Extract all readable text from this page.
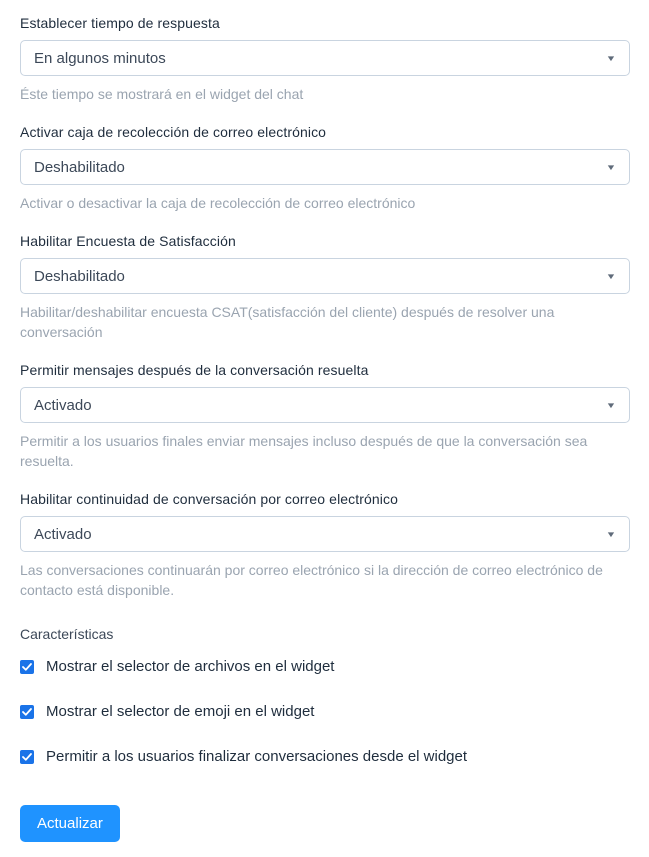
Establecer tiempo de respuesta
En algunos minutos	▼
Éste tiempo se mostrará en el widget del chat
Activar caja de recolección de correo electrónico
Deshabilitado	▼
Activar o desactivar la caja de recolección de correo electrónico
Habilitar Encuesta de Satisfacción
Deshabilitado	▼
Habilitar/deshabilitar encuesta CSAT(satisfacción del cliente) después de resolver una conversación
Permitir mensajes después de la conversación resuelta
Activado	▼
Permitir a los usuarios finales enviar mensajes incluso después de que la conversación sea resuelta.
Habilitar continuidad de conversación por correo electrónico
Activado	▼
Las conversaciones continuarán por correo electrónico si la dirección de correo electrónico de contacto está disponible.
Características
Mostrar el selector de archivos en el widget
Mostrar el selector de emoji en el widget
Permitir a los usuarios finalizar conversaciones desde el widget
Actualizar
